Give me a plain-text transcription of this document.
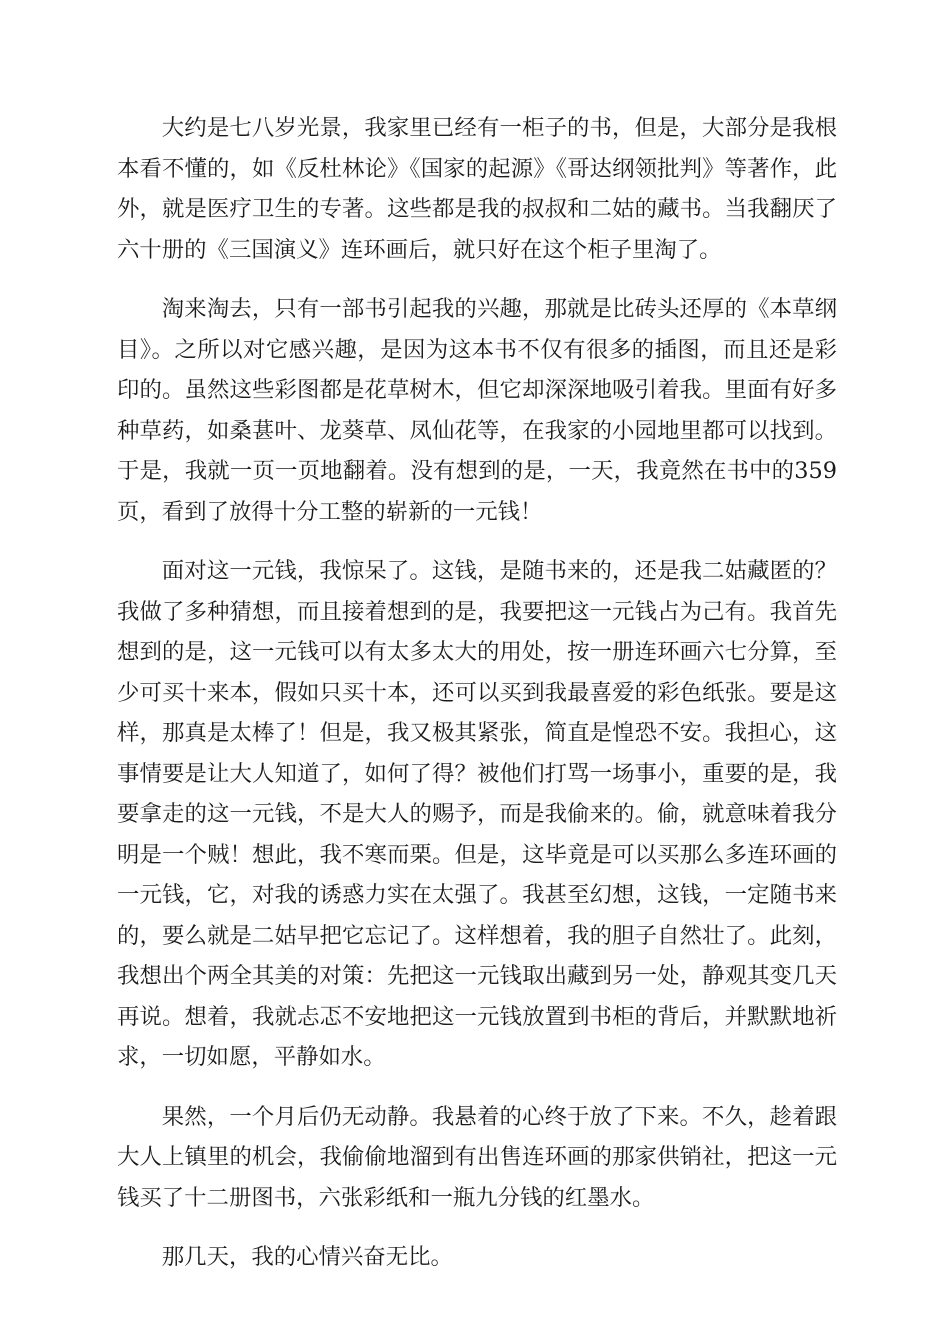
大约是七八岁光景，我家里已经有一柜子的书，但是，大部分是我根本看不懂的，如《反杜林论》《国家的起源》《哥达纲领批判》等著作，此外，就是医疗卫生的专著。这些都是我的叔叔和二姑的藏书。当我翻厌了六十册的《三国演义》连环画后，就只好在这个柜子里淘了。

淘来淘去，只有一部书引起我的兴趣，那就是比砖头还厚的《本草纲目》。之所以对它感兴趣，是因为这本书不仅有很多的插图，而且还是彩印的。虽然这些彩图都是花草树木，但它却深深地吸引着我。里面有好多种草药，如桑葚叶、龙葵草、凤仙花等，在我家的小园地里都可以找到。于是，我就一页一页地翻着。没有想到的是，一天，我竟然在书中的359页，看到了放得十分工整的崭新的一元钱！

面对这一元钱，我惊呆了。这钱，是随书来的，还是我二姑藏匿的？我做了多种猜想，而且接着想到的是，我要把这一元钱占为己有。我首先想到的是，这一元钱可以有太多太大的用处，按一册连环画六七分算，至少可买十来本，假如只买十本，还可以买到我最喜爱的彩色纸张。要是这样，那真是太棒了！但是，我又极其紧张，简直是惶恐不安。我担心，这事情要是让大人知道了，如何了得？被他们打骂一场事小，重要的是，我要拿走的这一元钱，不是大人的赐予，而是我偷来的。偷，就意味着我分明是一个贼！想此，我不寒而栗。但是，这毕竟是可以买那么多连环画的一元钱，它，对我的诱惑力实在太强了。我甚至幻想，这钱，一定随书来的，要么就是二姑早把它忘记了。这样想着，我的胆子自然壮了。此刻，我想出个两全其美的对策：先把这一元钱取出藏到另一处，静观其变几天再说。想着，我就忐忑不安地把这一元钱放置到书柜的背后，并默默地祈求，一切如愿，平静如水。

果然，一个月后仍无动静。我悬着的心终于放了下来。不久，趁着跟大人上镇里的机会，我偷偷地溜到有出售连环画的那家供销社，把这一元钱买了十二册图书，六张彩纸和一瓶九分钱的红墨水。

那几天，我的心情兴奋无比。
